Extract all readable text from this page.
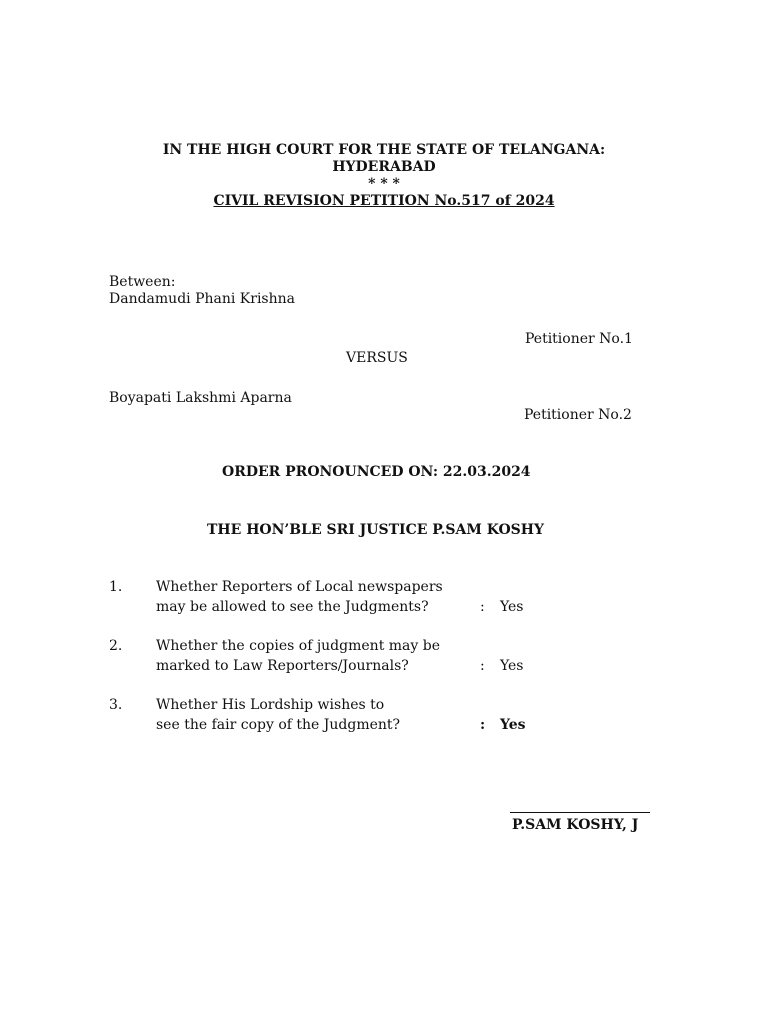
IN THE HIGH COURT FOR THE STATE OF TELANGANA:
HYDERABAD
* * *
CIVIL REVISION PETITION No.517 of 2024
Between:
Dandamudi Phani Krishna
Petitioner No.1
VERSUS
Boyapati Lakshmi Aparna
Petitioner No.2
ORDER PRONOUNCED ON: 22.03.2024
THE HON’BLE SRI JUSTICE P.SAM KOSHY
1. Whether Reporters of Local newspapers
may be allowed to see the Judgments?	: Yes
2. Whether the copies of judgment may be
marked to Law Reporters/Journals?	: Yes
3. Whether His Lordship wishes to
see the fair copy of the Judgment?	: Yes
P.SAM KOSHY, J
